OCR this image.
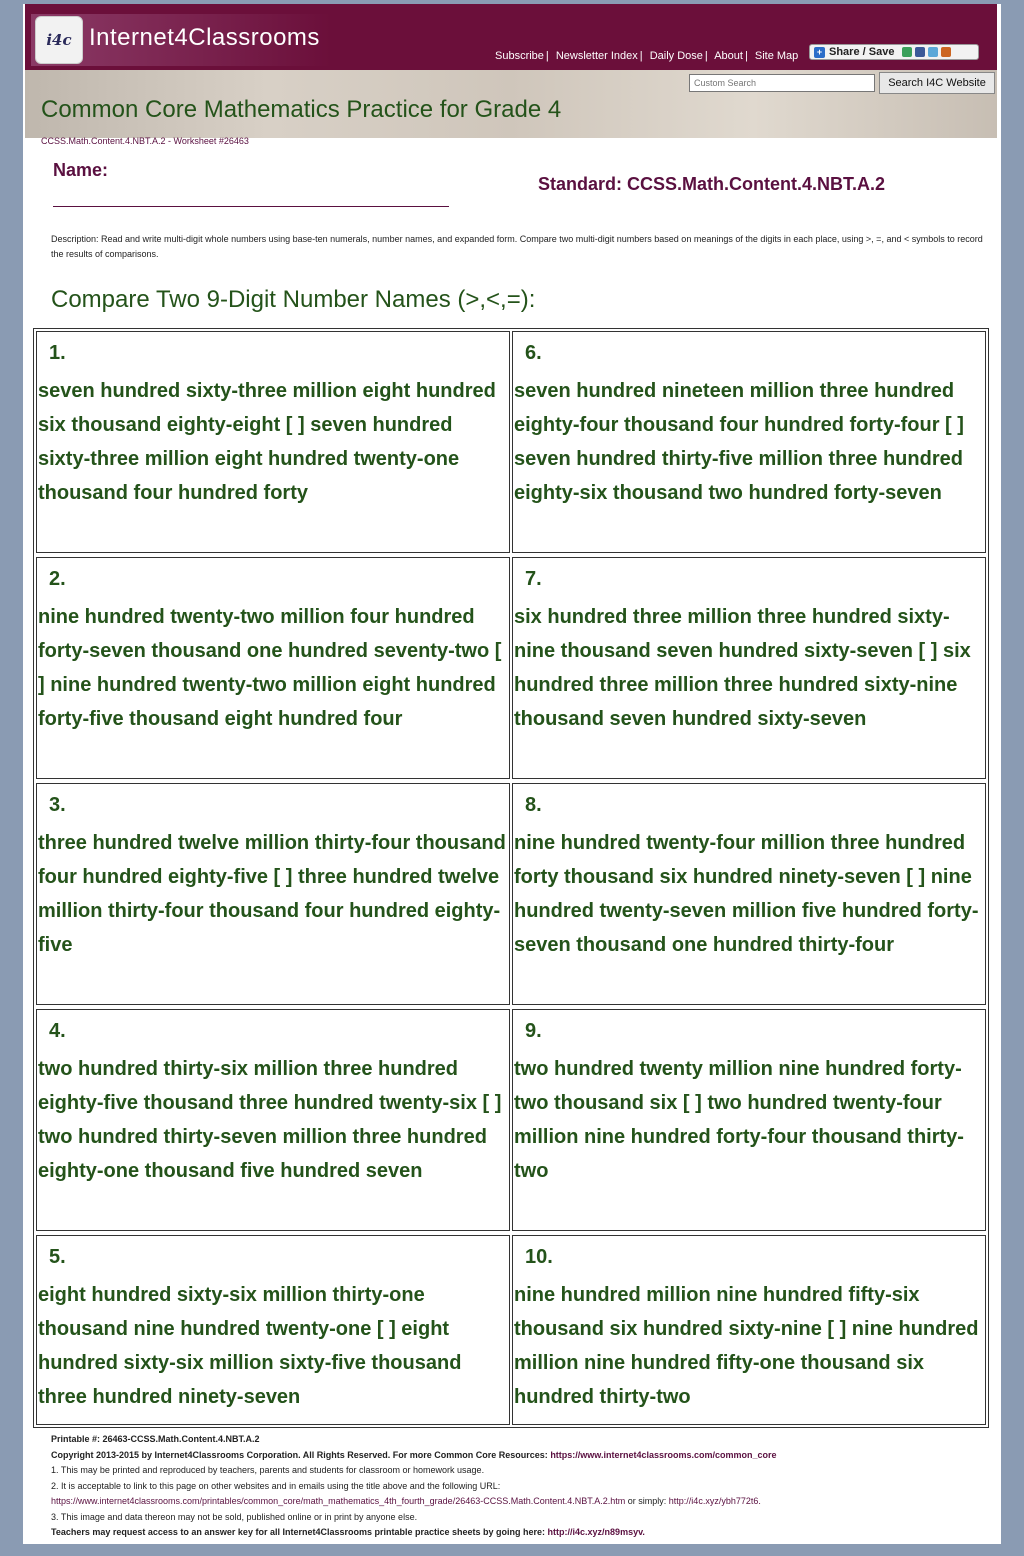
i4c Internet4Classrooms
Subscribe | Newsletter Index | Daily Dose | About | Site Map	+ Share / Save
Custom Search
Search I4C Website
Common Core Mathematics Practice for Grade 4
CCSS.Math.Content.4.NBT.A.2 - Worksheet #26463
Name:
Standard: CCSS.Math.Content.4.NBT.A.2
Description: Read and write multi-digit whole numbers using base-ten numerals, number names, and expanded form. Compare two multi-digit numbers based on meanings of the digits in each place, using >, =, and < symbols to record the results of comparisons.
Compare Two 9-Digit Number Names (>,<,=):
1.
seven hundred sixty-three million eight hundred six thousand eighty-eight [ ] seven hundred sixty-three million eight hundred twenty-one thousand four hundred forty
2.
nine hundred twenty-two million four hundred forty-seven thousand one hundred seventy-two [ ] nine hundred twenty-two million eight hundred forty-five thousand eight hundred four
3.
three hundred twelve million thirty-four thousand four hundred eighty-five [ ] three hundred twelve million thirty-four thousand four hundred eighty-five
4.
two hundred thirty-six million three hundred eighty-five thousand three hundred twenty-six [ ] two hundred thirty-seven million three hundred eighty-one thousand five hundred seven
5.
eight hundred sixty-six million thirty-one thousand nine hundred twenty-one [ ] eight hundred sixty-six million sixty-five thousand three hundred ninety-seven
6.
seven hundred nineteen million three hundred eighty-four thousand four hundred forty-four [ ] seven hundred thirty-five million three hundred eighty-six thousand two hundred forty-seven
7.
six hundred three million three hundred sixty-nine thousand seven hundred sixty-seven [ ] six hundred three million three hundred sixty-nine thousand seven hundred sixty-seven
8.
nine hundred twenty-four million three hundred forty thousand six hundred ninety-seven [ ] nine hundred twenty-seven million five hundred forty-seven thousand one hundred thirty-four
9.
two hundred twenty million nine hundred forty-two thousand six [ ] two hundred twenty-four million nine hundred forty-four thousand thirty-two
10.
nine hundred million nine hundred fifty-six thousand six hundred sixty-nine [ ] nine hundred million nine hundred fifty-one thousand six hundred thirty-two
Printable #: 26463-CCSS.Math.Content.4.NBT.A.2
Copyright 2013-2015 by Internet4Classrooms Corporation. All Rights Reserved. For more Common Core Resources: https://www.internet4classrooms.com/common_core
1. This may be printed and reproduced by teachers, parents and students for classroom or homework usage.
2. It is acceptable to link to this page on other websites and in emails using the title above and the following URL:
https://www.internet4classrooms.com/printables/common_core/math_mathematics_4th_fourth_grade/26463-CCSS.Math.Content.4.NBT.A.2.htm or simply: http://i4c.xyz/ybh772t6.
3. This image and data thereon may not be sold, published online or in print by anyone else.
Teachers may request access to an answer key for all Internet4Classrooms printable practice sheets by going here: http://i4c.xyz/n89msyv.
